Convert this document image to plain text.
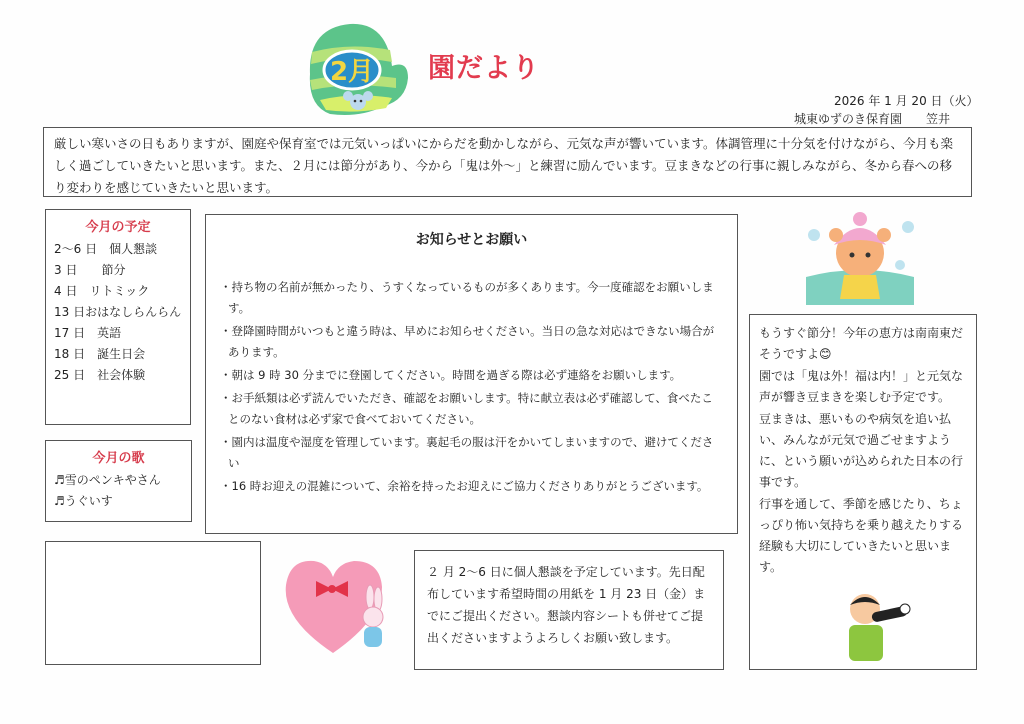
2月 園だより
2026 年 1 月 20 日（火）
城東ゆずのき保育園　　笠井
厳しい寒いさの日もありますが、園庭や保育室では元気いっぱいにからだを動かしながら、元気な声が響いています。体調管理に十分気を付けながら、今月も楽しく過ごしていきたいと思います。また、２月には節分があり、今から「鬼は外～」と練習に励んでいます。豆まきなどの行事に親しみながら、冬から春への移り変わりを感じていきたいと思います。
今月の予定
2～6 日　個人懇談
3 日　　節分
4 日　リトミック
13 日おはなしらんらん
17 日　英語
18 日　誕生日会
25 日　社会体験
今月の歌
♬雪のペンキやさん
♬うぐいす
お知らせとお願い
・持ち物の名前が無かったり、うすくなっているものが多くあります。今一度確認をお願いします。
・登降園時間がいつもと違う時は、早めにお知らせください。当日の急な対応はできない場合があります。
・朝は 9 時 30 分までに登園してください。時間を過ぎる際は必ず連絡をお願いします。
・お手紙類は必ず読んでいただき、確認をお願いします。特に献立表は必ず確認して、食べたことのない食材は必ず家で食べておいてください。
・園内は温度や湿度を管理しています。裏起毛の服は汗をかいてしまいますので、避けてください
・16 時お迎えの混雑について、余裕を持ったお迎えにご協力くださりありがとうございます。

もうすぐ節分！今年の恵方は南南東だそうですよ😊

園では「鬼は外！福は内！」と元気な声が響き豆まきを楽しむ予定です。

豆まきは、悪いものや病気を追い払い、みんなが元気で過ごせますように、という願いが込められた日本の行事です。

行事を通して、季節を感じたり、ちょっぴり怖い気持ちを乗り越えたりする経験も大切にしていきたいと思います。

２ 月 2～6 日に個人懇談を予定しています。先日配布しています希望時間の用紙を 1 月 23 日（金）までにご提出ください。懇談内容シートも併せてご提出くださいますようよろしくお願い致します。
